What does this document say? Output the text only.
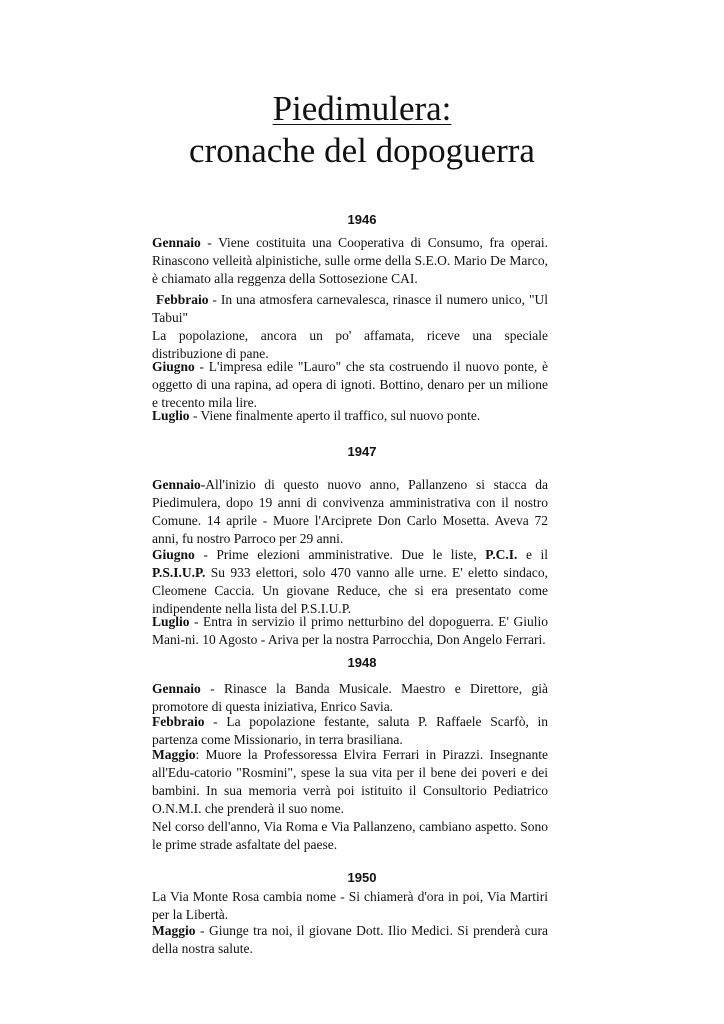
Piedimulera:
cronache del dopoguerra
1946

Gennaio - Viene costituita una Cooperativa di Consumo, fra operai. Rinascono velleità alpinistiche, sulle orme della S.E.O. Mario De Marco, è chiamato alla reggenza della Sottosezione CAI.

Febbraio - In una atmosfera carnevalesca, rinasce il numero unico, "Ul Tabui"
La popolazione, ancora un po' affamata, riceve una speciale distribuzione di pane.

Giugno - L'impresa edile "Lauro" che sta costruendo il nuovo ponte, è oggetto di una rapina, ad opera di ignoti. Bottino, denaro per un milione e trecento mila lire.

Luglio - Viene finalmente aperto il traffico, sul nuovo ponte.

1947

Gennaio-All'inizio di questo nuovo anno, Pallanzeno si stacca da Piedimulera, dopo 19 anni di convivenza amministrativa con il nostro Comune. 14 aprile - Muore l'Arciprete Don Carlo Mosetta. Aveva 72 anni, fu nostro Parroco per 29 anni.

Giugno - Prime elezioni amministrative. Due le liste, P.C.I. e il P.S.I.U.P. Su 933 elettori, solo 470 vanno alle urne. E' eletto sindaco, Cleomene Caccia. Un giovane Reduce, che si era presentato come indipendente nella lista del P.S.I.U.P.

Luglio - Entra in servizio il primo netturbino del dopoguerra. E' Giulio Mani-ni. 10 Agosto - Ariva per la nostra Parrocchia, Don Angelo Ferrari.

1948

Gennaio - Rinasce la Banda Musicale. Maestro e Direttore, già promotore di questa iniziativa, Enrico Savia.

Febbraio - La popolazione festante, saluta P. Raffaele Scarfò, in partenza come Missionario, in terra brasiliana.

Maggio: Muore la Professoressa Elvira Ferrari in Pirazzi. Insegnante all'Edu-catorio "Rosmini", spese la sua vita per il bene dei poveri e dei bambini. In sua memoria verrà poi istituito il Consultorio Pediatrico O.N.M.I. che prenderà il suo nome.
Nel corso dell'anno, Via Roma e Via Pallanzeno, cambiano aspetto. Sono le prime strade asfaltate del paese.

1950

La Via Monte Rosa cambia nome - Si chiamerà d'ora in poi, Via Martiri per la Libertà.

Maggio - Giunge tra noi, il giovane Dott. Ilio Medici. Si prenderà cura della nostra salute.
